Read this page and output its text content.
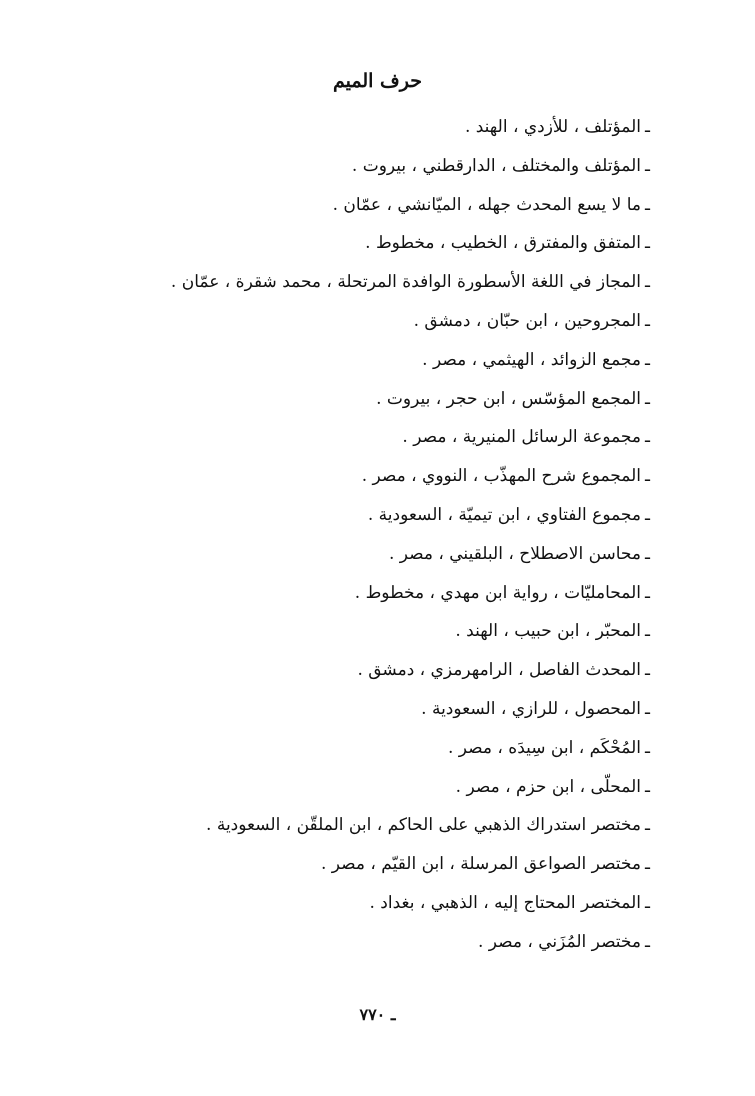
حرف الميم
ـالمؤتلف ، للأزدي ، الهند .
ـالمؤتلف والمختلف ، الدارقطني ، بيروت .
ـما لا يسع المحدث جهله ، الميّانشي ، عمّان .
ـالمتفق والمفترق ، الخطيب ، مخطوط .
ـالمجاز في اللغة الأسطورة الوافدة المرتحلة ، محمد شقرة ، عمّان .
ـالمجروحين ، ابن حبّان ، دمشق .
ـمجمع الزوائد ، الهيثمي ، مصر .
ـالمجمع المؤسّس ، ابن حجر ، بيروت .
ـمجموعة الرسائل المنيرية ، مصر .
ـالمجموع شرح المهذّب ، النووي ، مصر .
ـمجموع الفتاوي ، ابن تيميّة ، السعودية .
ـمحاسن الاصطلاح ، البلقيني ، مصر .
ـالمحامليّات ، رواية ابن مهدي ، مخطوط .
ـالمحبّر ، ابن حبيب ، الهند .
ـالمحدث الفاصل ، الرامهرمزي ، دمشق .
ـالمحصول ، للرازي ، السعودية .
ـالمُحْكَم ، ابن سِيدَه ، مصر .
ـالمحلّى ، ابن حزم ، مصر .
ـمختصر استدراك الذهبي على الحاكم ، ابن الملقّن ، السعودية .
ـمختصر الصواعق المرسلة ، ابن القيّم ، مصر .
ـالمختصر المحتاج إليه ، الذهبي ، بغداد .
ـمختصر المُزَني ، مصر .
ـ ٧٧٠
